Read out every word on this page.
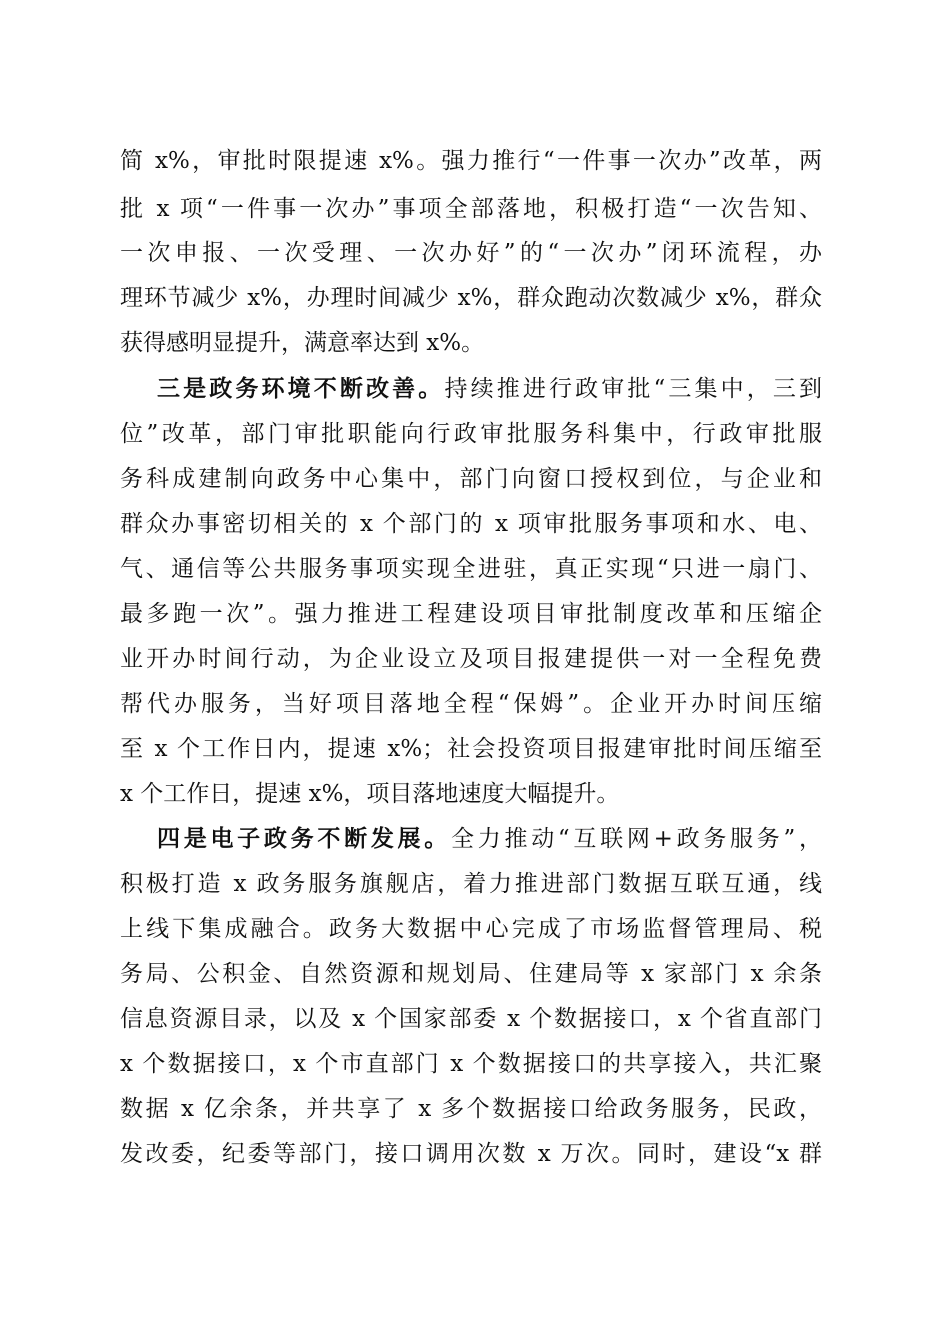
简 x%，审批时限提速 x%。强力推行“一件事一次办”改革，两
批 x 项“一件事一次办”事项全部落地，积极打造“一次告知、
一次申报、一次受理、一次办好”的“一次办”闭环流程，办
理环节减少 x%，办理时间减少 x%，群众跑动次数减少 x%，群众
获得感明显提升，满意率达到 x%。
三是政务环境不断改善。持续推进行政审批“三集中，三到
位”改革，部门审批职能向行政审批服务科集中，行政审批服
务科成建制向政务中心集中，部门向窗口授权到位，与企业和
群众办事密切相关的 x 个部门的 x 项审批服务事项和水、电、
气、通信等公共服务事项实现全进驻，真正实现“只进一扇门、
最多跑一次”。强力推进工程建设项目审批制度改革和压缩企
业开办时间行动，为企业设立及项目报建提供一对一全程免费
帮代办服务，当好项目落地全程“保姆”。企业开办时间压缩
至 x 个工作日内，提速 x%；社会投资项目报建审批时间压缩至
x 个工作日，提速 x%，项目落地速度大幅提升。
四是电子政务不断发展。全力推动“互联网+政务服务”，
积极打造 x 政务服务旗舰店，着力推进部门数据互联互通，线
上线下集成融合。政务大数据中心完成了市场监督管理局、税
务局、公积金、自然资源和规划局、住建局等 x 家部门 x 余条
信息资源目录，以及 x 个国家部委 x 个数据接口，x 个省直部门
x 个数据接口，x 个市直部门 x 个数据接口的共享接入，共汇聚
数据 x 亿余条，并共享了 x 多个数据接口给政务服务，民政，
发改委，纪委等部门，接口调用次数 x 万次。同时，建设“x 群
